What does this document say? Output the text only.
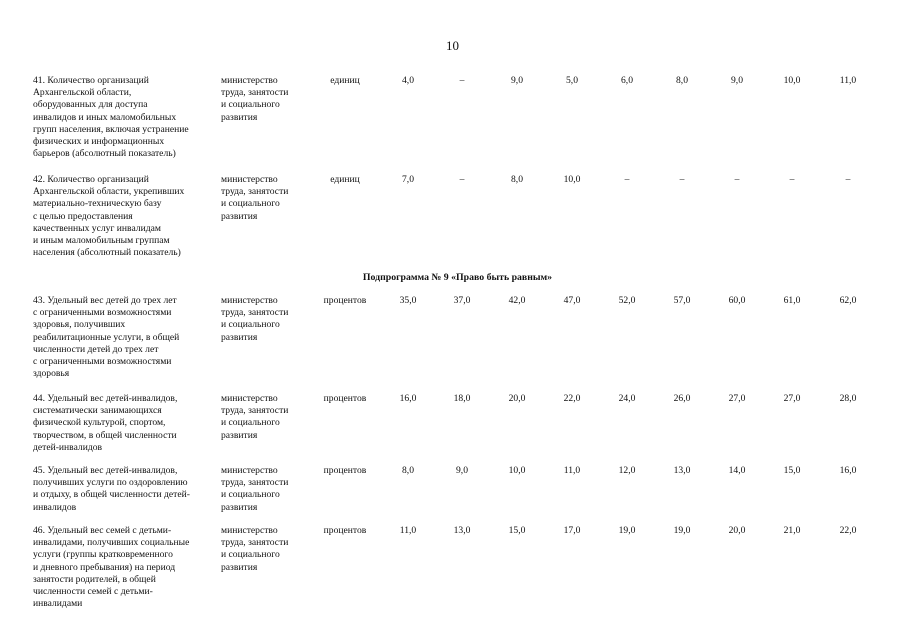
10
Подпрограмма № 9 «Право быть равным»
41. Количество организаций
Архангельской области,
оборудованных для доступа
инвалидов и иных маломобильных
групп населения, включая устранение
физических и информационных
барьеров (абсолютный показатель)
министерство
труда, занятости
и социального
развития
единиц	4,0	–	9,0	5,0	6,0	8,0	9,0	10,0	11,0
42. Количество организаций
Архангельской области, укрепивших
материально-техническую базу
с целью предоставления
качественных услуг инвалидам
и иным маломобильным группам
населения (абсолютный показатель)
министерство
труда, занятости
и социального
развития
единиц	7,0	–	8,0	10,0	–	–	–	–	–
43. Удельный вес детей до трех лет
с ограниченными возможностями
здоровья, получивших
реабилитационные услуги, в общей
численности детей до трех лет
с ограниченными возможностями
здоровья
министерство
труда, занятости
и социального
развития
процентов	35,0	37,0	42,0	47,0	52,0	57,0	60,0	61,0	62,0
44. Удельный вес детей-инвалидов,
систематически занимающихся
физической культурой, спортом,
творчеством, в общей численности
детей-инвалидов
министерство
труда, занятости
и социального
развития
процентов	16,0	18,0	20,0	22,0	24,0	26,0	27,0	27,0	28,0
45. Удельный вес детей-инвалидов,
получивших услуги по оздоровлению
и отдыху, в общей численности детей-
инвалидов
министерство
труда, занятости
и социального
развития
процентов	8,0	9,0	10,0	11,0	12,0	13,0	14,0	15,0	16,0
46. Удельный вес семей с детьми-
инвалидами, получивших социальные
услуги (группы кратковременного
и дневного пребывания) на период
занятости родителей, в общей
численности семей с детьми-
инвалидами
министерство
труда, занятости
и социального
развития
процентов	11,0	13,0	15,0	17,0	19,0	19,0	20,0	21,0	22,0
